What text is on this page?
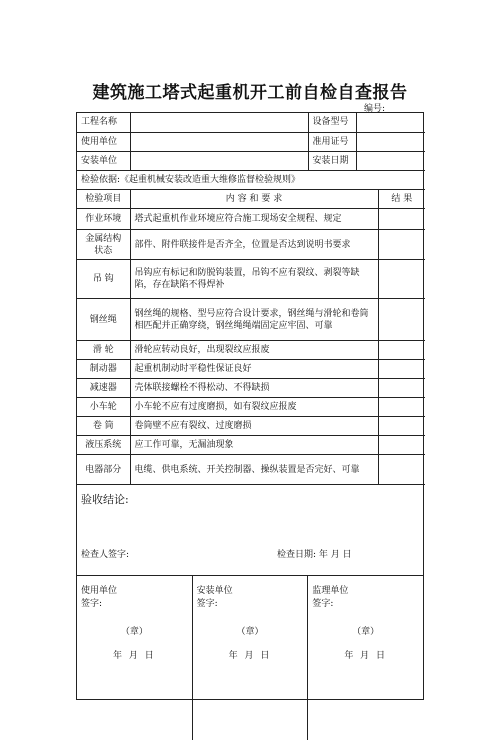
建筑施工塔式起重机开工前自检自查报告
编号:
工程名称		设备型号	
使用单位		准用证号	
安装单位		安装日期	
检验依据:《起重机械安装改造重大维修监督检验规则》		
检验项目	内 容 和 要 求	结 果
作业环境	塔式起重机作业环境应符合施工现场安全规程、规定	
金属结构状态	部件、附件联接件是否齐全，位置是否达到说明书要求	
吊 钩	吊钩应有标记和防脱钩装置，吊钩不应有裂纹、剥裂等缺陷，存在缺陷不得焊补	
钢丝绳	钢丝绳的规格、型号应符合设计要求，钢丝绳与滑轮和卷筒相匹配并正确穿绕，钢丝绳绳端固定应牢固、可靠	
滑 轮	滑轮应转动良好，出现裂纹应报废	
制动器	起重机制动时平稳性保证良好	
减速器	壳体联接螺栓不得松动、不得缺损	
小车轮	小车轮不应有过度磨损，如有裂纹应报废	
卷 筒	卷筒壁不应有裂纹、过度磨损	
液压系统	应工作可靠，无漏油现象	
电器部分	电缆、供电系统、开关控制器、操纵装置是否完好、可靠	
验收结论:
检查人签字:	检查日期: 年 月 日
使用单位
签字:
（章）
年 月 日
安装单位
签字:
（章）
年 月 日
监理单位
签字:
（章）
年 月 日
